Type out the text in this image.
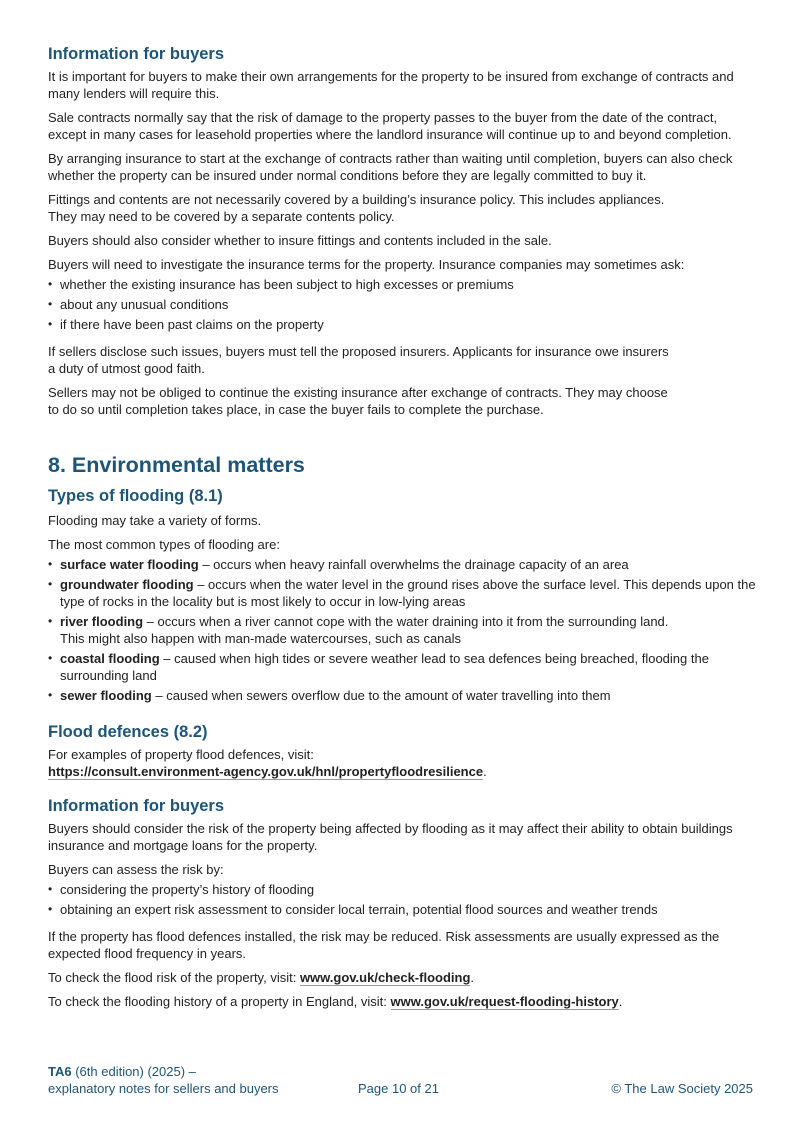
Information for buyers

It is important for buyers to make their own arrangements for the property to be insured from exchange of contracts and many lenders will require this.

Sale contracts normally say that the risk of damage to the property passes to the buyer from the date of the contract, except in many cases for leasehold properties where the landlord insurance will continue up to and beyond completion.

By arranging insurance to start at the exchange of contracts rather than waiting until completion, buyers can also check whether the property can be insured under normal conditions before they are legally committed to buy it.

Fittings and contents are not necessarily covered by a building’s insurance policy. This includes appliances.
They may need to be covered by a separate contents policy.

Buyers should also consider whether to insure fittings and contents included in the sale.

Buyers will need to investigate the insurance terms for the property. Insurance companies may sometimes ask:

• whether the existing insurance has been subject to high excesses or premiums
• about any unusual conditions
• if there have been past claims on the property

If sellers disclose such issues, buyers must tell the proposed insurers. Applicants for insurance owe insurers
a duty of utmost good faith.

Sellers may not be obliged to continue the existing insurance after exchange of contracts. They may choose
to do so until completion takes place, in case the buyer fails to complete the purchase.

8. Environmental matters
Types of flooding (8.1)

Flooding may take a variety of forms.

The most common types of flooding are:

• surface water flooding – occurs when heavy rainfall overwhelms the drainage capacity of an area
• groundwater flooding – occurs when the water level in the ground rises above the surface level. This depends upon the type of rocks in the locality but is most likely to occur in low-lying areas
• river flooding – occurs when a river cannot cope with the water draining into it from the surrounding land.
This might also happen with man-made watercourses, such as canals
• coastal flooding – caused when high tides or severe weather lead to sea defences being breached, flooding the surrounding land
• sewer flooding – caused when sewers overflow due to the amount of water travelling into them
Flood defences (8.2)

For examples of property flood defences, visit:
https://consult.environment-agency.gov.uk/hnl/propertyfloodresilience.

Information for buyers

Buyers should consider the risk of the property being affected by flooding as it may affect their ability to obtain buildings insurance and mortgage loans for the property.

Buyers can assess the risk by:

• considering the property’s history of flooding
• obtaining an expert risk assessment to consider local terrain, potential flood sources and weather trends

If the property has flood defences installed, the risk may be reduced. Risk assessments are usually expressed as the expected flood frequency in years.

To check the flood risk of the property, visit: www.gov.uk/check-flooding.

To check the flooding history of a property in England, visit: www.gov.uk/request-flooding-history.

TA6 (6th edition) (2025) –
explanatory notes for sellers and buyers	Page 10 of 21	© The Law Society 2025
